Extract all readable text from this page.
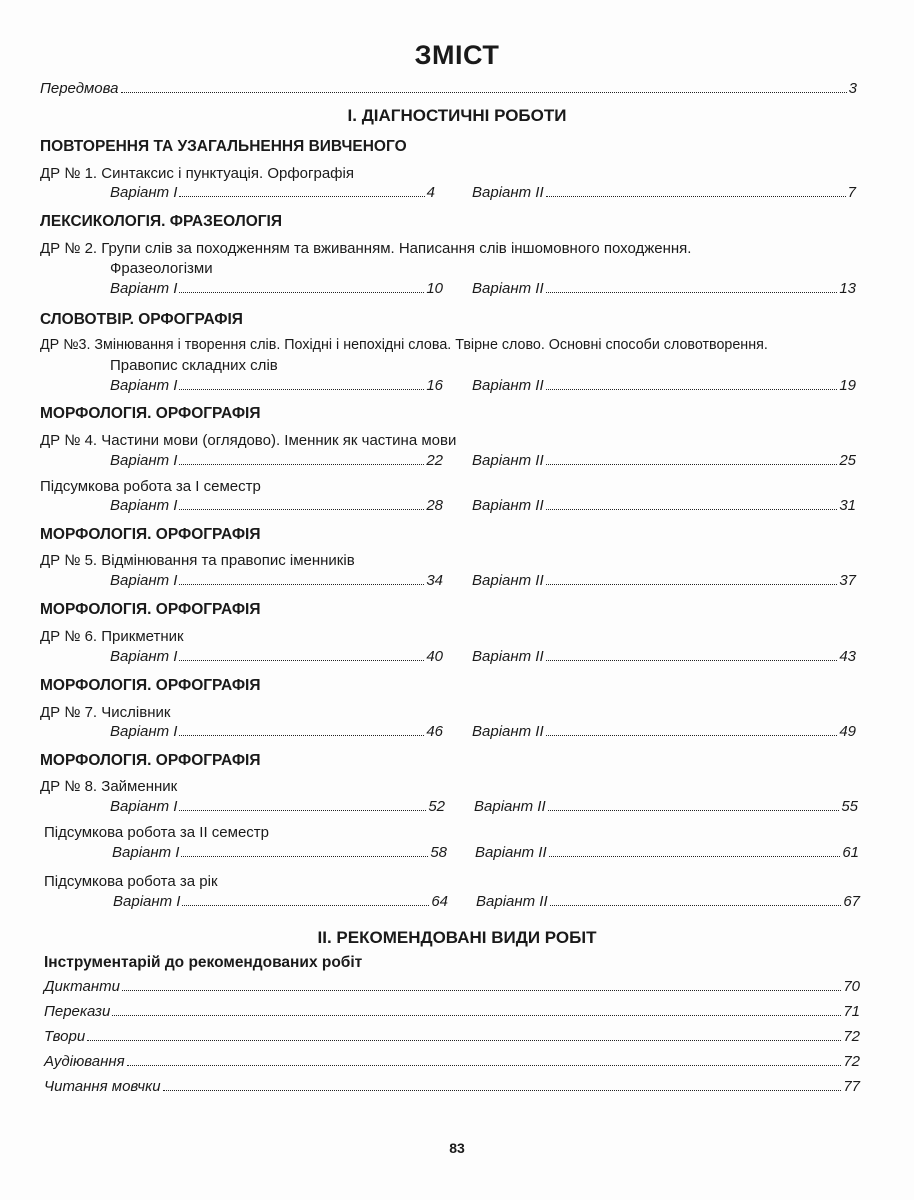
ЗМІСТ
Передмова	3
І. ДІАГНОСТИЧНІ РОБОТИ
ПОВТОРЕННЯ ТА УЗАГАЛЬНЕННЯ ВИВЧЕНОГО
ДР № 1. Синтаксис і пунктуація. Орфографія
Варіант І	4 Варіант ІІ	7
ЛЕКСИКОЛОГІЯ. ФРАЗЕОЛОГІЯ
ДР № 2. Групи слів за походженням та вживанням. Написання слів іншомовного походження.
Фразеологізми
Варіант І	10 Варіант ІІ	13
СЛОВОТВІР. ОРФОГРАФІЯ
ДР №3. Змінювання і творення слів. Похідні і непохідні слова. Твірне слово. Основні способи словотворення.
Правопис складних слів
Варіант І	16 Варіант ІІ	19
МОРФОЛОГІЯ. ОРФОГРАФІЯ
ДР № 4. Частини мови (оглядово). Іменник як частина мови
Варіант І	22 Варіант ІІ	25
Підсумкова робота за І семестр
Варіант І	28 Варіант ІІ	31
МОРФОЛОГІЯ. ОРФОГРАФІЯ
ДР № 5. Відмінювання та правопис іменників
Варіант І	34 Варіант ІІ	37
МОРФОЛОГІЯ. ОРФОГРАФІЯ
ДР № 6. Прикметник
Варіант І	40 Варіант ІІ	43
МОРФОЛОГІЯ. ОРФОГРАФІЯ
ДР № 7. Числівник
Варіант І	46 Варіант ІІ	49
МОРФОЛОГІЯ. ОРФОГРАФІЯ
ДР № 8. Займенник
Варіант І	52 Варіант ІІ	55
Підсумкова робота за ІІ семестр
Варіант І	58 Варіант ІІ	61
Підсумкова робота за рік
Варіант І	64 Варіант ІІ	67
ІІ. РЕКОМЕНДОВАНІ ВИДИ РОБІТ
Інструментарій до рекомендованих робіт
Диктанти	70
Перекази	71
Твори	72
Аудіювання	72
Читання мовчки	77
83
